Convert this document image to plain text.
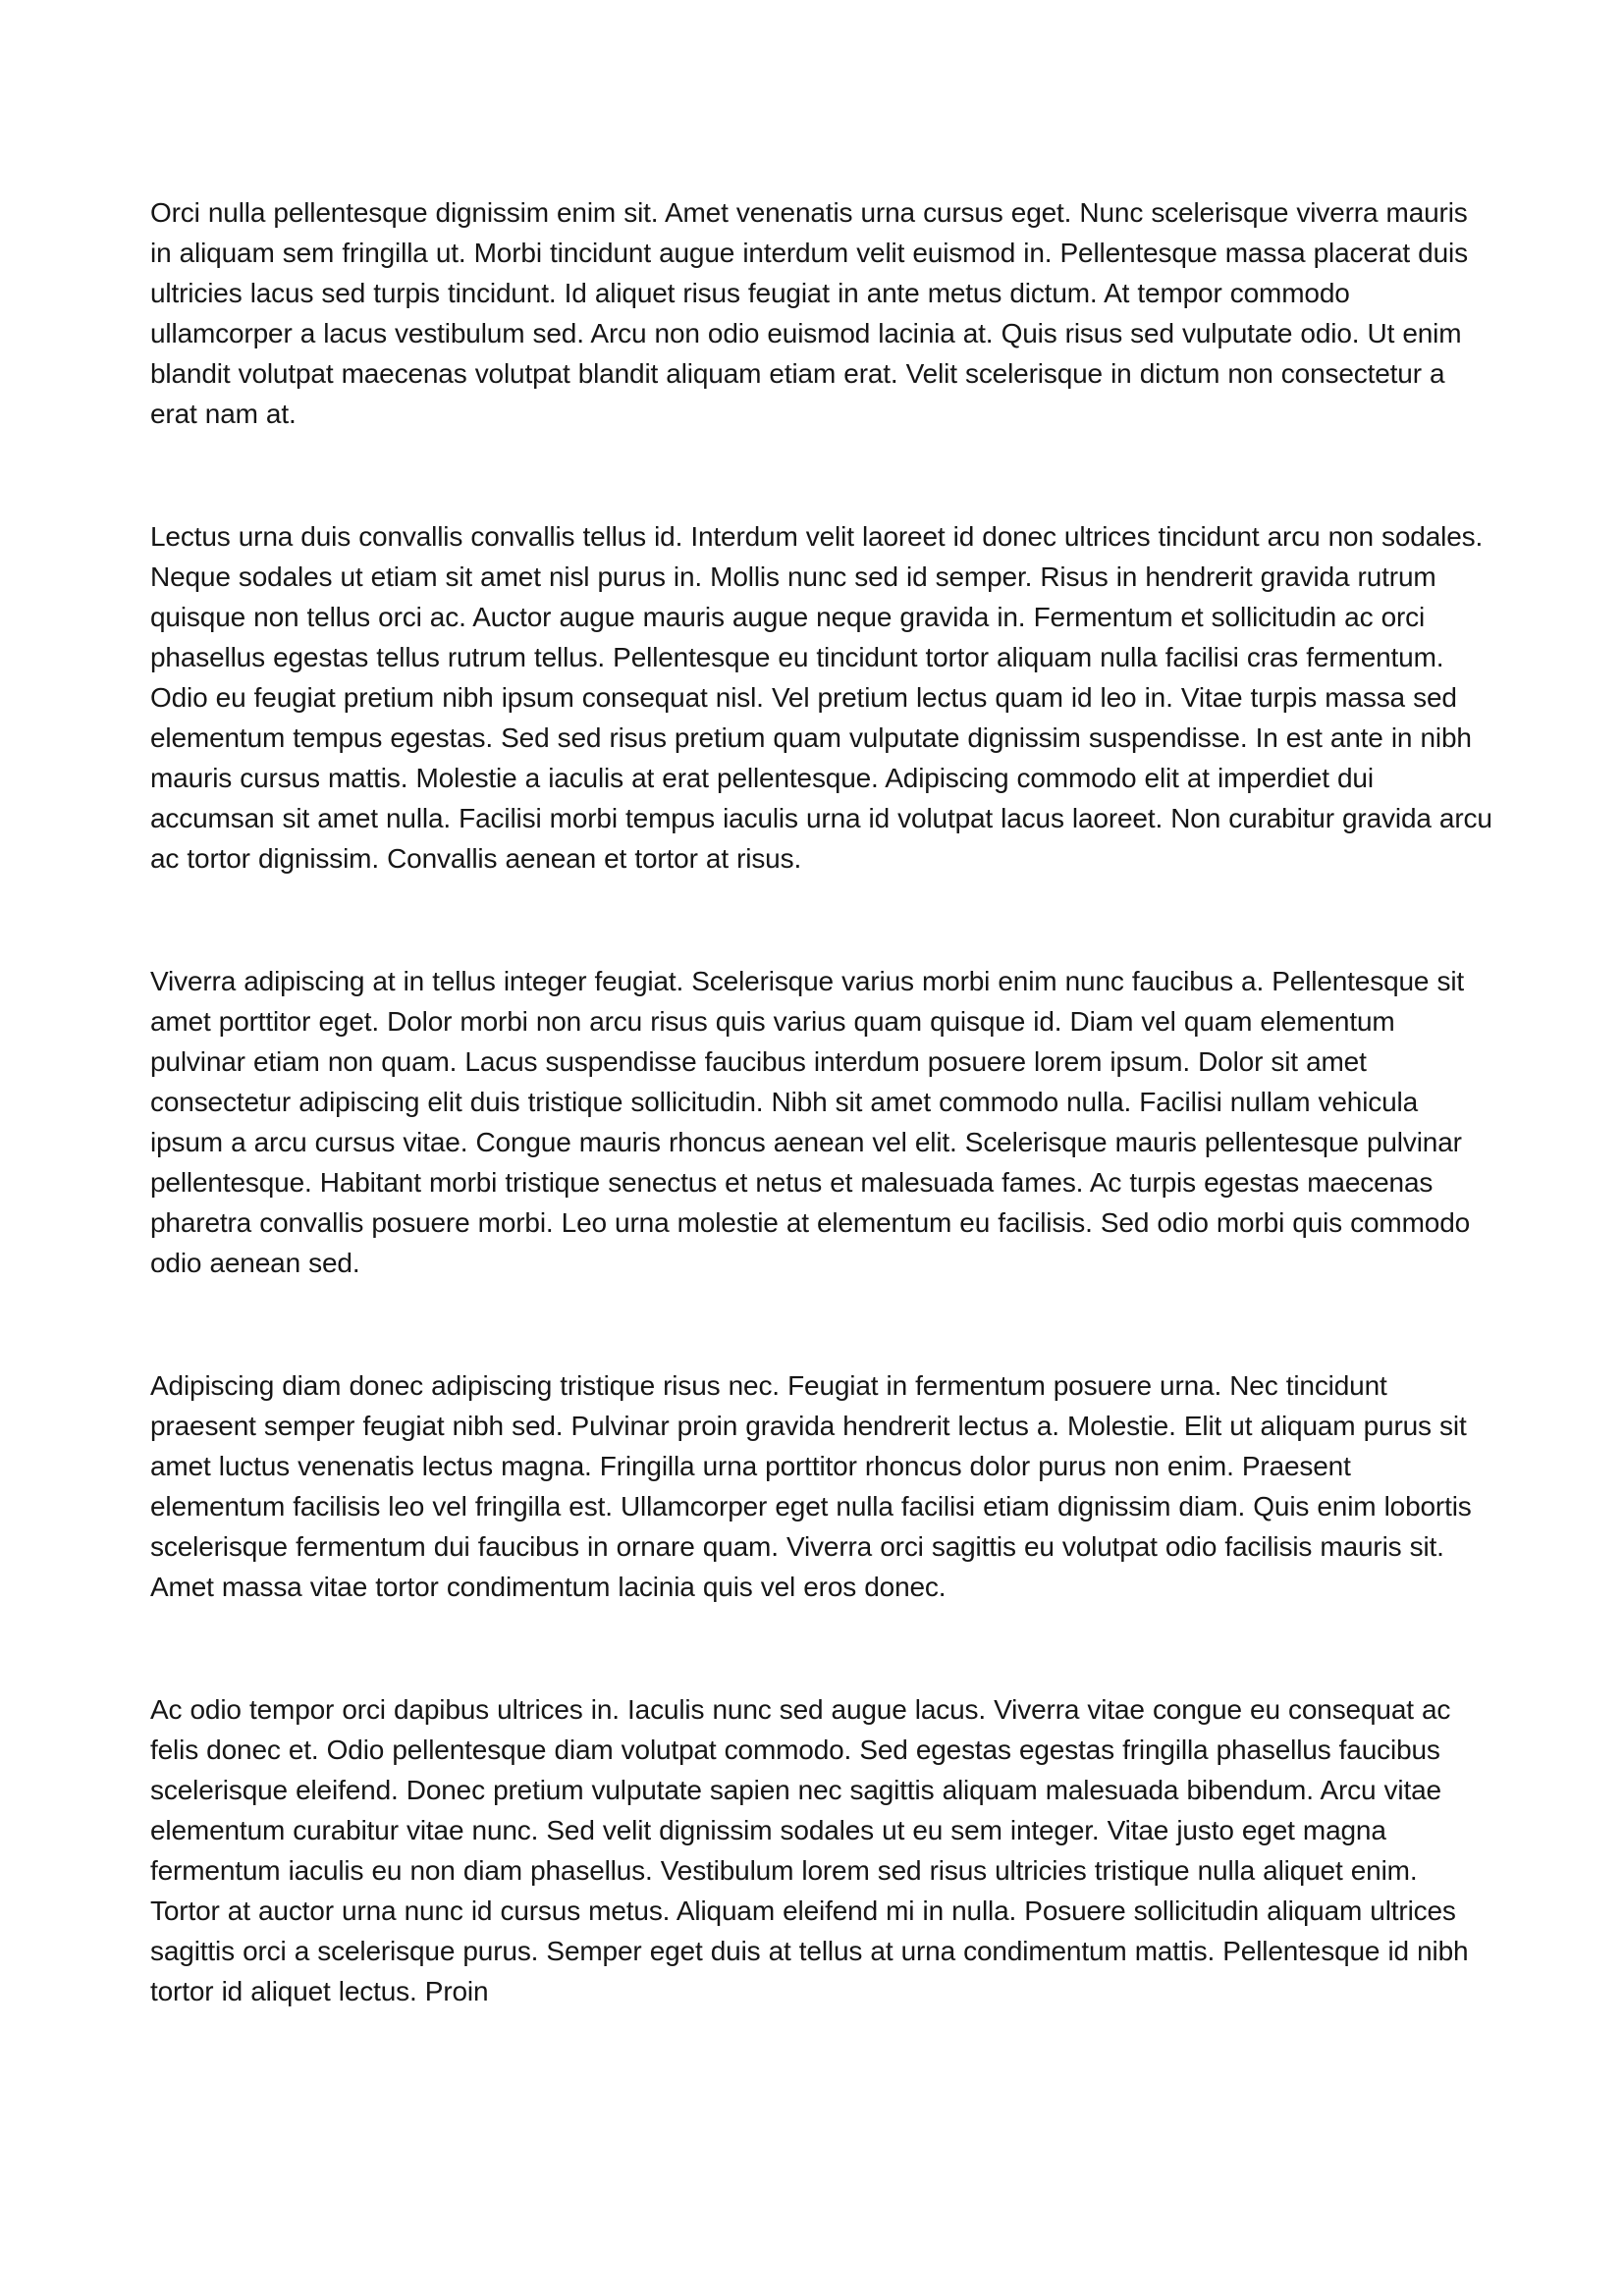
Orci nulla pellentesque dignissim enim sit. Amet venenatis urna cursus eget. Nunc scelerisque viverra mauris in aliquam sem fringilla ut. Morbi tincidunt augue interdum velit euismod in. Pellentesque massa placerat duis ultricies lacus sed turpis tincidunt. Id aliquet risus feugiat in ante metus dictum. At tempor commodo ullamcorper a lacus vestibulum sed. Arcu non odio euismod lacinia at. Quis risus sed vulputate odio. Ut enim blandit volutpat maecenas volutpat blandit aliquam etiam erat. Velit scelerisque in dictum non consectetur a erat nam at.

Lectus urna duis convallis convallis tellus id. Interdum velit laoreet id donec ultrices tincidunt arcu non sodales. Neque sodales ut etiam sit amet nisl purus in. Mollis nunc sed id semper. Risus in hendrerit gravida rutrum quisque non tellus orci ac. Auctor augue mauris augue neque gravida in. Fermentum et sollicitudin ac orci phasellus egestas tellus rutrum tellus. Pellentesque eu tincidunt tortor aliquam nulla facilisi cras fermentum. Odio eu feugiat pretium nibh ipsum consequat nisl. Vel pretium lectus quam id leo in. Vitae turpis massa sed elementum tempus egestas. Sed sed risus pretium quam vulputate dignissim suspendisse. In est ante in nibh mauris cursus mattis. Molestie a iaculis at erat pellentesque. Adipiscing commodo elit at imperdiet dui accumsan sit amet nulla. Facilisi morbi tempus iaculis urna id volutpat lacus laoreet. Non curabitur gravida arcu ac tortor dignissim. Convallis aenean et tortor at risus.

Viverra adipiscing at in tellus integer feugiat. Scelerisque varius morbi enim nunc faucibus a. Pellentesque sit amet porttitor eget. Dolor morbi non arcu risus quis varius quam quisque id. Diam vel quam elementum pulvinar etiam non quam. Lacus suspendisse faucibus interdum posuere lorem ipsum. Dolor sit amet consectetur adipiscing elit duis tristique sollicitudin. Nibh sit amet commodo nulla. Facilisi nullam vehicula ipsum a arcu cursus vitae. Congue mauris rhoncus aenean vel elit. Scelerisque mauris pellentesque pulvinar pellentesque. Habitant morbi tristique senectus et netus et malesuada fames. Ac turpis egestas maecenas pharetra convallis posuere morbi. Leo urna molestie at elementum eu facilisis. Sed odio morbi quis commodo odio aenean sed.

Adipiscing diam donec adipiscing tristique risus nec. Feugiat in fermentum posuere urna. Nec tincidunt praesent semper feugiat nibh sed. Pulvinar proin gravida hendrerit lectus a. Molestie. Elit ut aliquam purus sit amet luctus venenatis lectus magna. Fringilla urna porttitor rhoncus dolor purus non enim. Praesent elementum facilisis leo vel fringilla est. Ullamcorper eget nulla facilisi etiam dignissim diam. Quis enim lobortis scelerisque fermentum dui faucibus in ornare quam. Viverra orci sagittis eu volutpat odio facilisis mauris sit. Amet massa vitae tortor condimentum lacinia quis vel eros donec.

Ac odio tempor orci dapibus ultrices in. Iaculis nunc sed augue lacus. Viverra vitae congue eu consequat ac felis donec et. Odio pellentesque diam volutpat commodo. Sed egestas egestas fringilla phasellus faucibus scelerisque eleifend. Donec pretium vulputate sapien nec sagittis aliquam malesuada bibendum. Arcu vitae elementum curabitur vitae nunc. Sed velit dignissim sodales ut eu sem integer. Vitae justo eget magna fermentum iaculis eu non diam phasellus. Vestibulum lorem sed risus ultricies tristique nulla aliquet enim. Tortor at auctor urna nunc id cursus metus. Aliquam eleifend mi in nulla. Posuere sollicitudin aliquam ultrices sagittis orci a scelerisque purus. Semper eget duis at tellus at urna condimentum mattis. Pellentesque id nibh tortor id aliquet lectus. Proin
